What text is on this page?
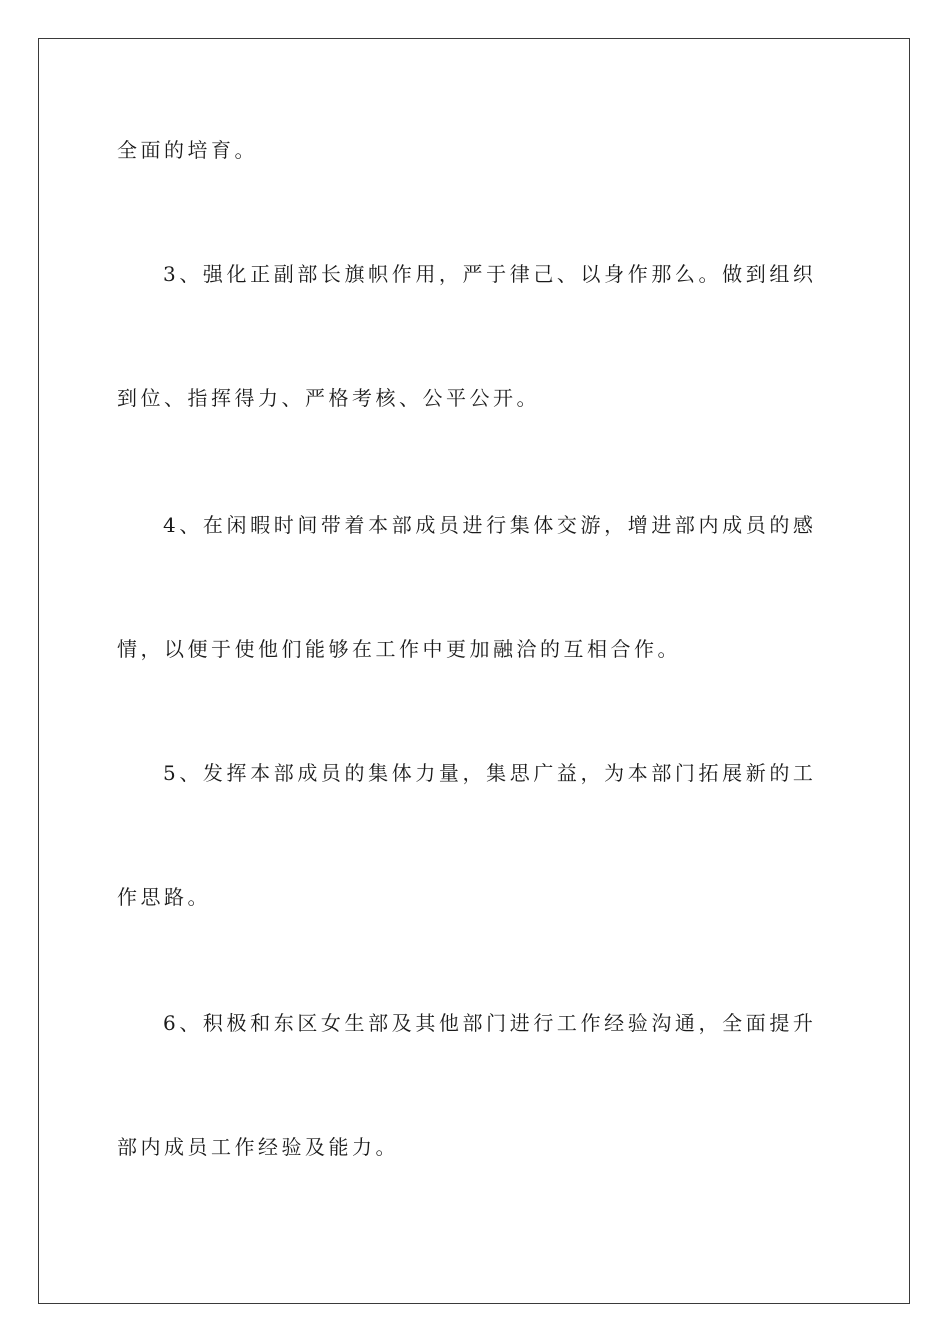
全面的培育。
3、强化正副部长旗帜作用，严于律己、以身作那么。做到组织
到位、指挥得力、严格考核、公平公开。
4、在闲暇时间带着本部成员进行集体交游，增进部内成员的感
情，以便于使他们能够在工作中更加融洽的互相合作。
5、发挥本部成员的集体力量，集思广益，为本部门拓展新的工
作思路。
6、积极和东区女生部及其他部门进行工作经验沟通，全面提升
部内成员工作经验及能力。
